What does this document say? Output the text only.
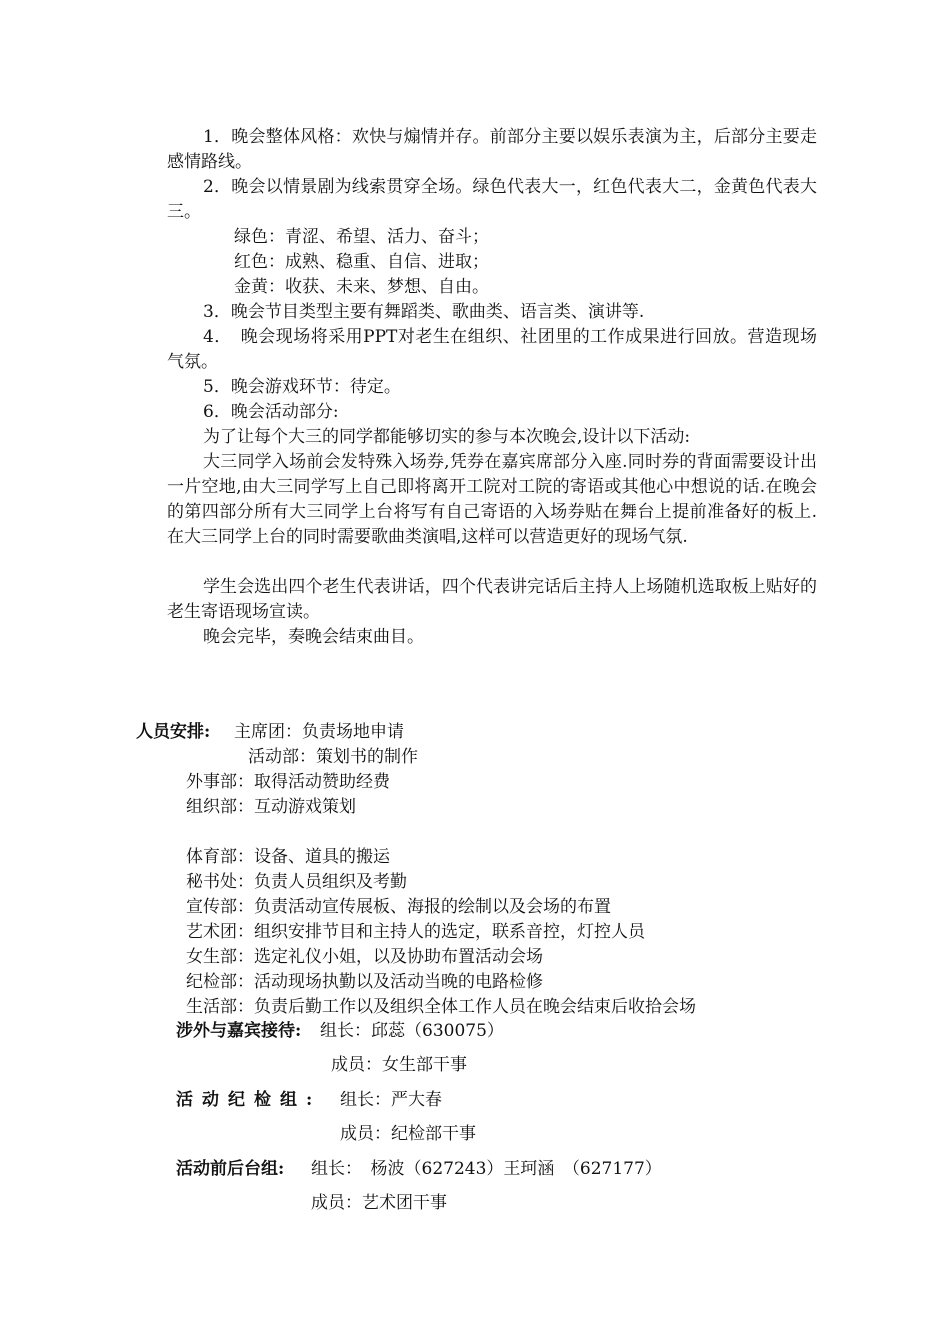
1．晚会整体风格：欢快与煽情并存。前部分主要以娱乐表演为主，后部分主要走感情路线。
2．晚会以情景剧为线索贯穿全场。绿色代表大一，红色代表大二，金黄色代表大三。
绿色：青涩、希望、活力、奋斗；
红色：成熟、稳重、自信、进取；
金黄：收获、未来、梦想、自由。
3．晚会节目类型主要有舞蹈类、歌曲类、语言类、演讲等.
4．　晚会现场将采用PPT对老生在组织、社团里的工作成果进行回放。营造现场气氛。
5．晚会游戏环节：待定。
6．晚会活动部分:
为了让每个大三的同学都能够切实的参与本次晚会,设计以下活动:
大三同学入场前会发特殊入场券,凭券在嘉宾席部分入座.同时券的背面需要设计出一片空地,由大三同学写上自己即将离开工院对工院的寄语或其他心中想说的话.在晚会的第四部分所有大三同学上台将写有自己寄语的入场券贴在舞台上提前准备好的板上.在大三同学上台的同时需要歌曲类演唱,这样可以营造更好的现场气氛.
学生会选出四个老生代表讲话，四个代表讲完话后主持人上场随机选取板上贴好的老生寄语现场宣读。
晚会完毕，奏晚会结束曲目。
人员安排: 主席团：负责场地申请
活动部：策划书的制作
外事部：取得活动赞助经费
组织部：互动游戏策划
体育部：设备、道具的搬运
秘书处：负责人员组织及考勤
宣传部：负责活动宣传展板、海报的绘制以及会场的布置
艺术团：组织安排节目和主持人的选定，联系音控，灯控人员
女生部：选定礼仪小姐，以及协助布置活动会场
纪检部：活动现场执勤以及活动当晚的电路检修
生活部：负责后勤工作以及组织全体工作人员在晚会结束后收拾会场
涉外与嘉宾接待: 组长：邱蕊（630075）
成员：女生部干事
活动纪检组: 组长：严大春
成员：纪检部干事
活动前后台组: 组长：　杨波（627243）王珂涵　（627177）
成员：艺术团干事
